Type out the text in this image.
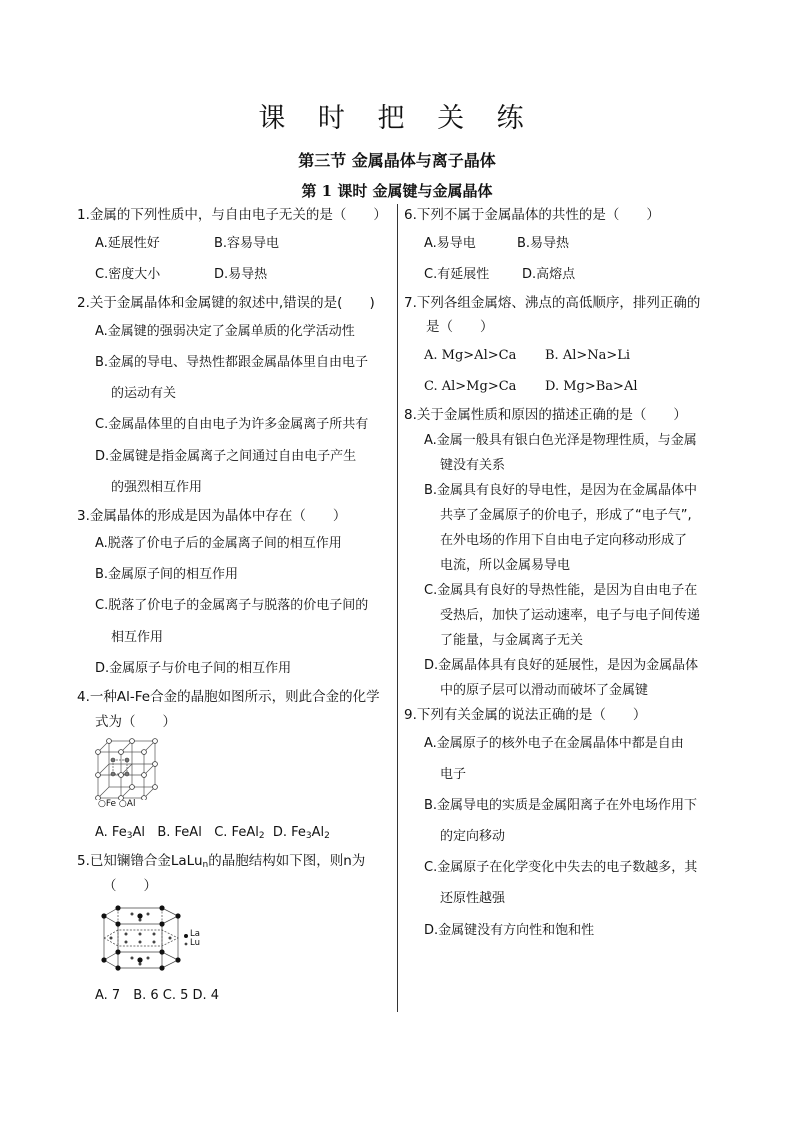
课 时 把 关 练
第三节 金属晶体与离子晶体
第 1 课时 金属键与金属晶体
1.金属的下列性质中，与自由电子无关的是（　　）
A.延展性好	B.容易导电
C.密度大小	D.易导热
2.关于金属晶体和金属键的叙述中,错误的是(　　)
A.金属键的强弱决定了金属单质的化学活动性
B.金属的导电、导热性都跟金属晶体里自由电子
的运动有关
C.金属晶体里的自由电子为许多金属离子所共有
D.金属键是指金属离子之间通过自由电子产生
的强烈相互作用
3.金属晶体的形成是因为晶体中存在（　　）
A.脱落了价电子后的金属离子间的相互作用
B.金属原子间的相互作用
C.脱落了价电子的金属离子与脱落的价电子间的
相互作用
D.金属原子与价电子间的相互作用
4.一种Al-Fe合金的晶胞如图所示，则此合金的化学
式为（　　）
○Fe ○Al
A. $Fe_3Al$ B. FeAl C. FeAl$_2$ D. $Fe_3Al_2$
5.已知镧镥合金LaLu$_n$的晶胞结构如下图，则n为
（　　）
La
Lu
A. 7　B. 6 C. 5 D. 4
6.下列不属于金属晶体的共性的是（　　）
A.易导电	B.易导热
C.有延展性	D.高熔点
7.下列各组金属熔、沸点的高低顺序，排列正确的
是（　　）
A. Mg>Al>Ca B. Al>Na>Li
C. Al>Mg>Ca D. Mg>Ba>Al
8.关于金属性质和原因的描述正确的是（　　）
A.金属一般具有银白色光泽是物理性质，与金属
键没有关系
B.金属具有良好的导电性，是因为在金属晶体中
共享了金属原子的价电子，形成了“电子气”,
在外电场的作用下自由电子定向移动形成了
电流，所以金属易导电
C.金属具有良好的导热性能，是因为自由电子在
受热后，加快了运动速率，电子与电子间传递
了能量，与金属离子无关
D.金属晶体具有良好的延展性，是因为金属晶体
中的原子层可以滑动而破坏了金属键
9.下列有关金属的说法正确的是（　　）
A.金属原子的核外电子在金属晶体中都是自由
电子
B.金属导电的实质是金属阳离子在外电场作用下
的定向移动
C.金属原子在化学变化中失去的电子数越多，其
还原性越强
D.金属键没有方向性和饱和性
